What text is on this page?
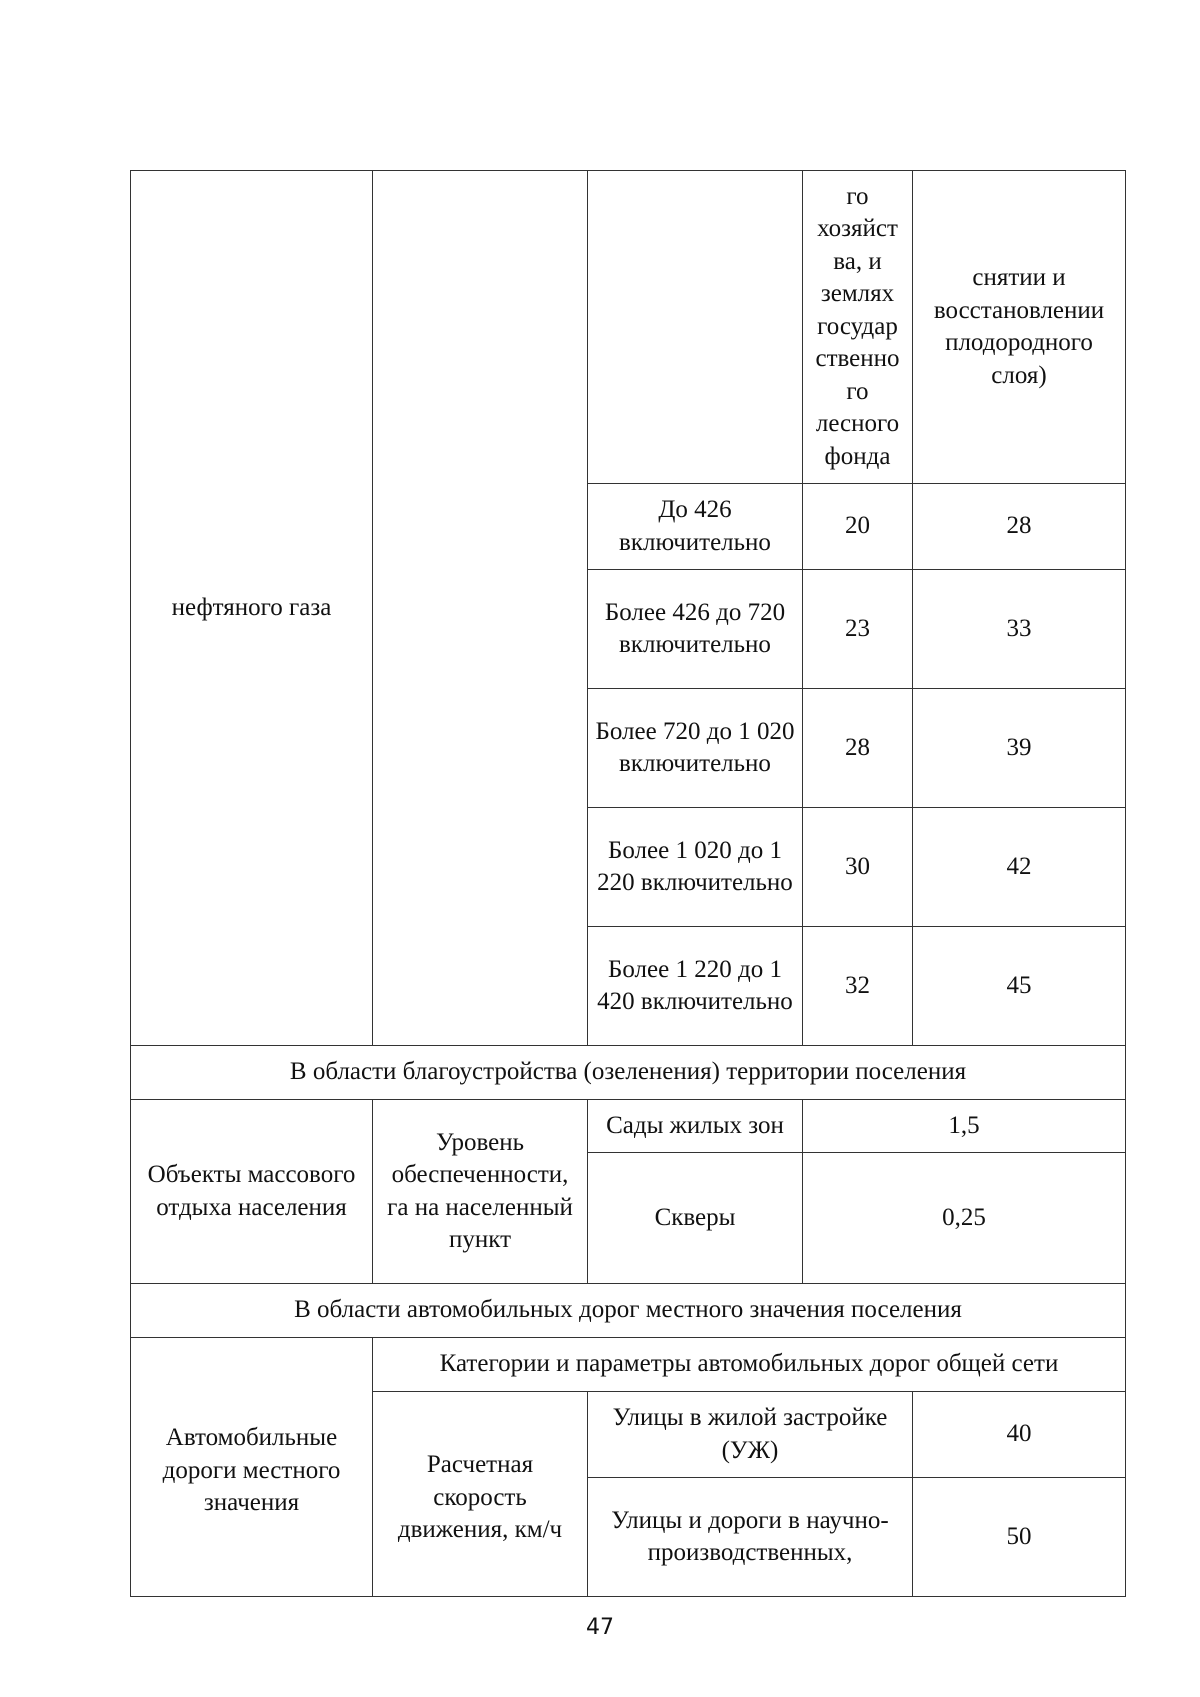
нефтяного газа			го хозяйст ва, и землях государ ственно го лесного фонда	снятии и восстановлении плодородного слоя)
		До 426 включительно	20	28
		Более 426 до 720 включительно	23	33
		Более 720 до 1 020 включительно	28	39
		Более 1 020 до 1 220 включительно	30	42
		Более 1 220 до 1 420 включительно	32	45
В области благоустройства (озеленения) территории поселения				
Объекты массового отдыха населения	Уровень обеспеченности, га на населенный пункт	Сады жилых зон	1,5	
		Скверы	0,25	
В области автомобильных дорог местного значения поселения				
Автомобильные дороги местного значения	Категории и параметры автомобильных дорог общей сети			
	Расчетная скорость движения, км/ч	Улицы в жилой застройке (УЖ)		40
		Улицы и дороги в научно-производственных,		50
47
